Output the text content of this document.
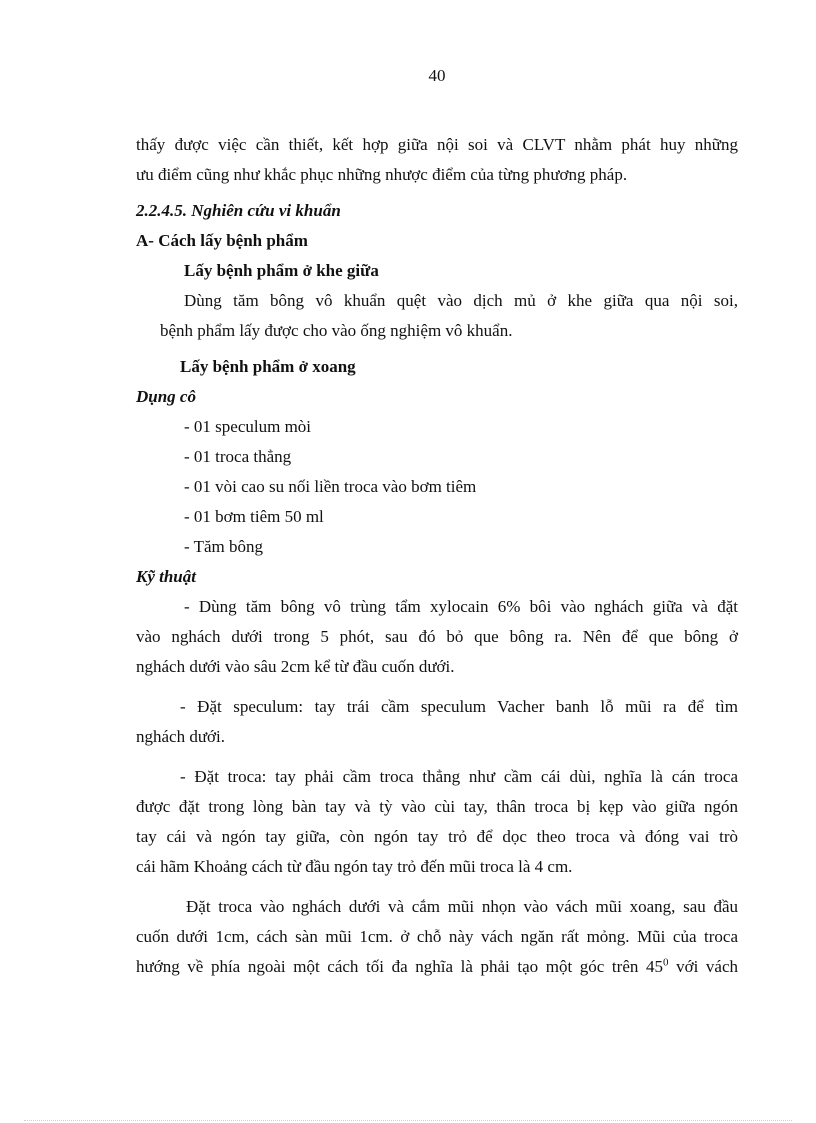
40
thấy được việc cần thiết, kết hợp giữa nội soi và CLVT nhằm phát huy những
ưu điểm cũng như khắc phục những nhược điểm của từng phương pháp.
2.2.4.5. Nghiên cứu vi khuẩn
A- Cách lấy bệnh phẩm
Lấy bệnh phẩm ở khe giữa
Dùng tăm bông vô khuẩn quệt vào dịch mủ ở khe giữa qua nội soi,
bệnh phẩm lấy được cho vào ống nghiệm vô khuẩn.
Lấy bệnh phẩm ở xoang
Dụng cô
- 01 speculum mòi
- 01 troca thẳng
- 01 vòi cao su nối liền troca vào bơm tiêm
- 01 bơm tiêm 50 ml
- Tăm bông
Kỹ thuật
- Dùng tăm bông vô trùng tẩm xylocain 6% bôi vào nghách giữa và đặt
vào nghách dưới trong 5 phót, sau đó bỏ que bông ra. Nên để que bông ở
nghách dưới vào sâu 2cm kể từ đầu cuốn dưới.
- Đặt speculum: tay trái cầm speculum Vacher banh lỗ mũi ra để tìm
nghách dưới.
- Đặt troca: tay phải cầm troca thẳng như cầm cái dùi, nghĩa là cán troca
được đặt trong lòng bàn tay và tỳ vào cùi tay, thân troca bị kẹp vào giữa ngón
tay cái và ngón tay giữa, còn ngón tay trỏ để dọc theo troca và đóng vai trò
cái hãm Khoảng cách từ đầu ngón tay trỏ đến mũi troca là 4 cm.
Đặt troca vào nghách dưới và cắm mũi nhọn vào vách mũi xoang, sau đầu
cuốn dưới 1cm, cách sàn mũi 1cm. ở chỗ này vách ngăn rất mỏng. Mũi của troca
hướng về phía ngoài một cách tối đa nghĩa là phải tạo một góc trên $45^0$ với vách
